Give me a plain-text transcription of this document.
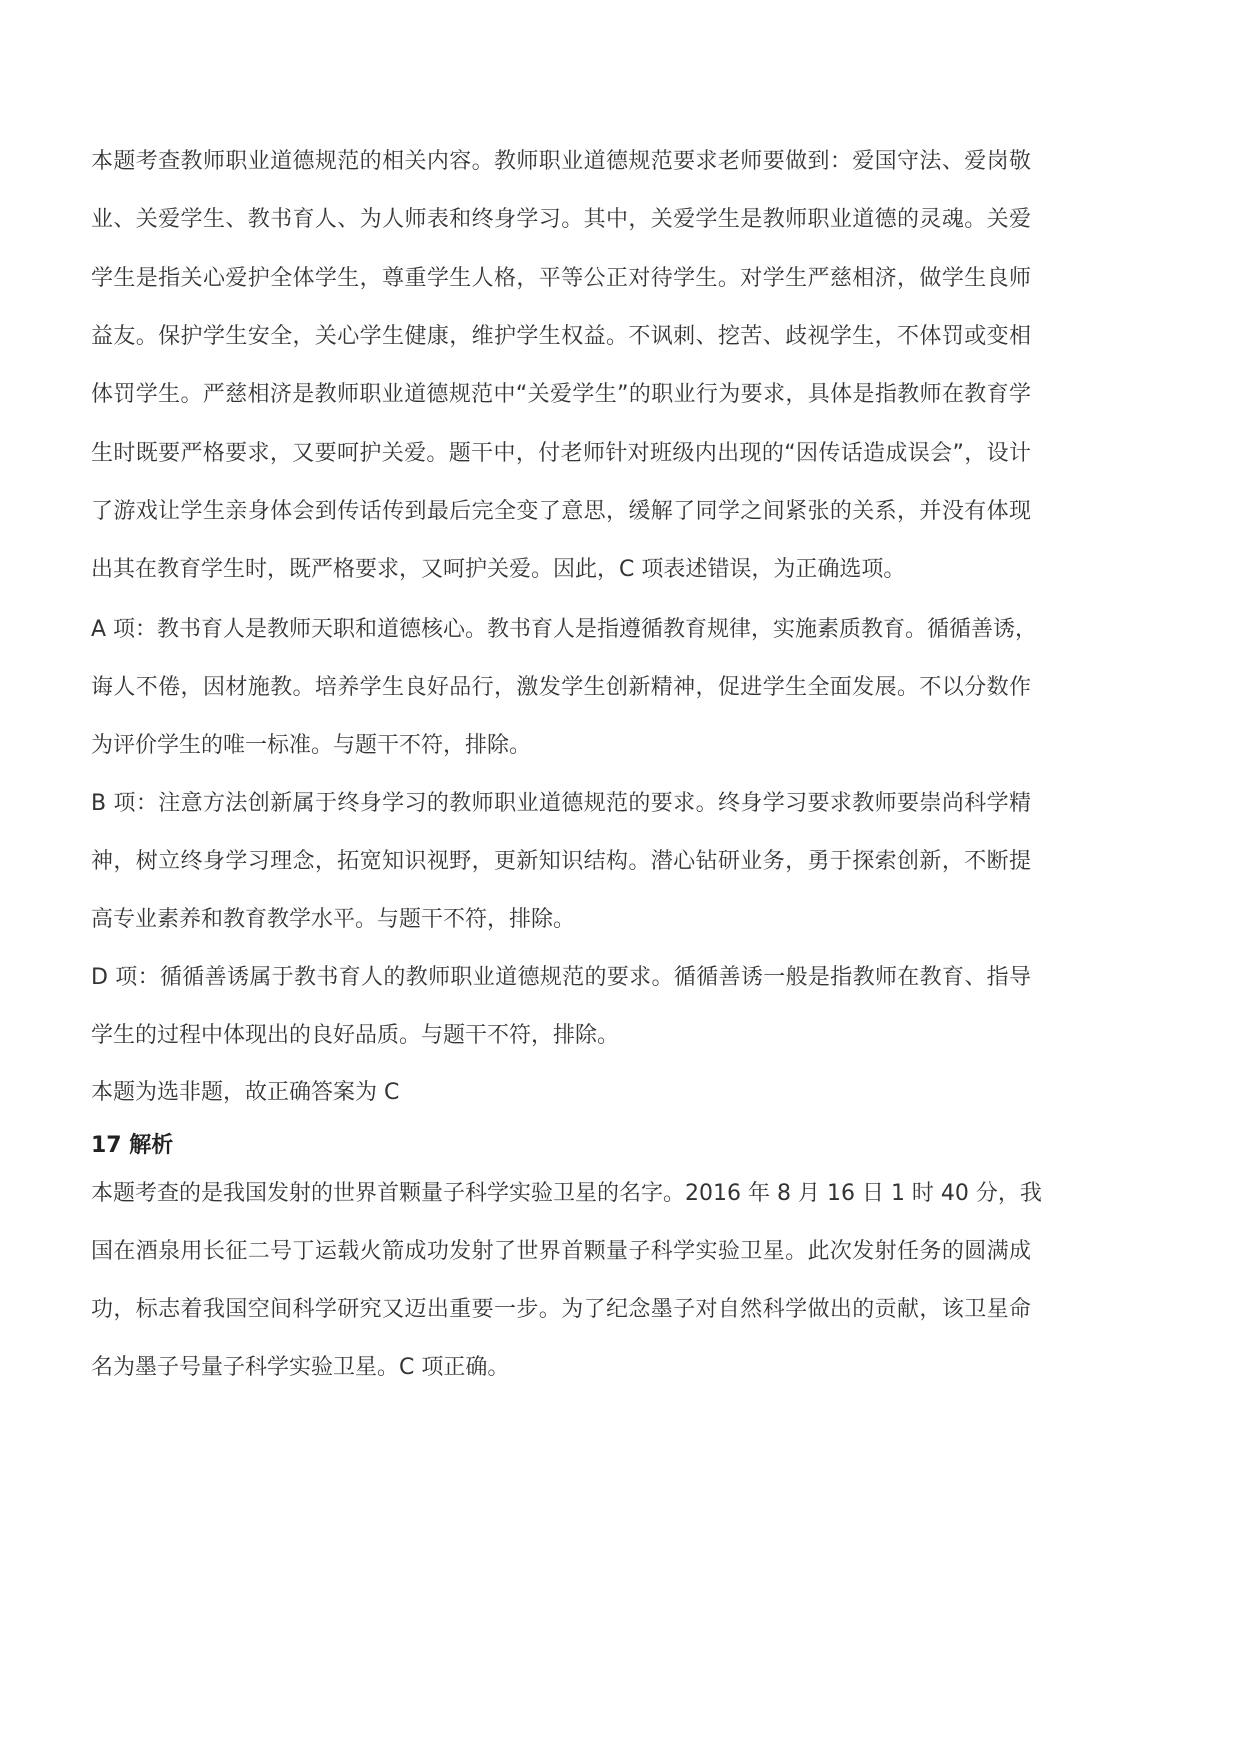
本题考查教师职业道德规范的相关内容。教师职业道德规范要求老师要做到：爱国守法、爱岗敬
业、关爱学生、教书育人、为人师表和终身学习。其中，关爱学生是教师职业道德的灵魂。关爱
学生是指关心爱护全体学生，尊重学生人格，平等公正对待学生。对学生严慈相济，做学生良师
益友。保护学生安全，关心学生健康，维护学生权益。不讽刺、挖苦、歧视学生，不体罚或变相
体罚学生。严慈相济是教师职业道德规范中“关爱学生”的职业行为要求，具体是指教师在教育学
生时既要严格要求，又要呵护关爱。题干中，付老师针对班级内出现的“因传话造成误会”，设计
了游戏让学生亲身体会到传话传到最后完全变了意思，缓解了同学之间紧张的关系，并没有体现
出其在教育学生时，既严格要求，又呵护关爱。因此，C 项表述错误，为正确选项。
A 项：教书育人是教师天职和道德核心。教书育人是指遵循教育规律，实施素质教育。循循善诱，
诲人不倦，因材施教。培养学生良好品行，激发学生创新精神，促进学生全面发展。不以分数作
为评价学生的唯一标准。与题干不符，排除。
B 项：注意方法创新属于终身学习的教师职业道德规范的要求。终身学习要求教师要崇尚科学精
神，树立终身学习理念，拓宽知识视野，更新知识结构。潜心钻研业务，勇于探索创新，不断提
高专业素养和教育教学水平。与题干不符，排除。
D 项：循循善诱属于教书育人的教师职业道德规范的要求。循循善诱一般是指教师在教育、指导
学生的过程中体现出的良好品质。与题干不符，排除。
本题为选非题，故正确答案为 C
17 解析
本题考查的是我国发射的世界首颗量子科学实验卫星的名字。2016 年 8 月 16 日 1 时 40 分，我
国在酒泉用长征二号丁运载火箭成功发射了世界首颗量子科学实验卫星。此次发射任务的圆满成
功，标志着我国空间科学研究又迈出重要一步。为了纪念墨子对自然科学做出的贡献，该卫星命
名为墨子号量子科学实验卫星。C 项正确。
